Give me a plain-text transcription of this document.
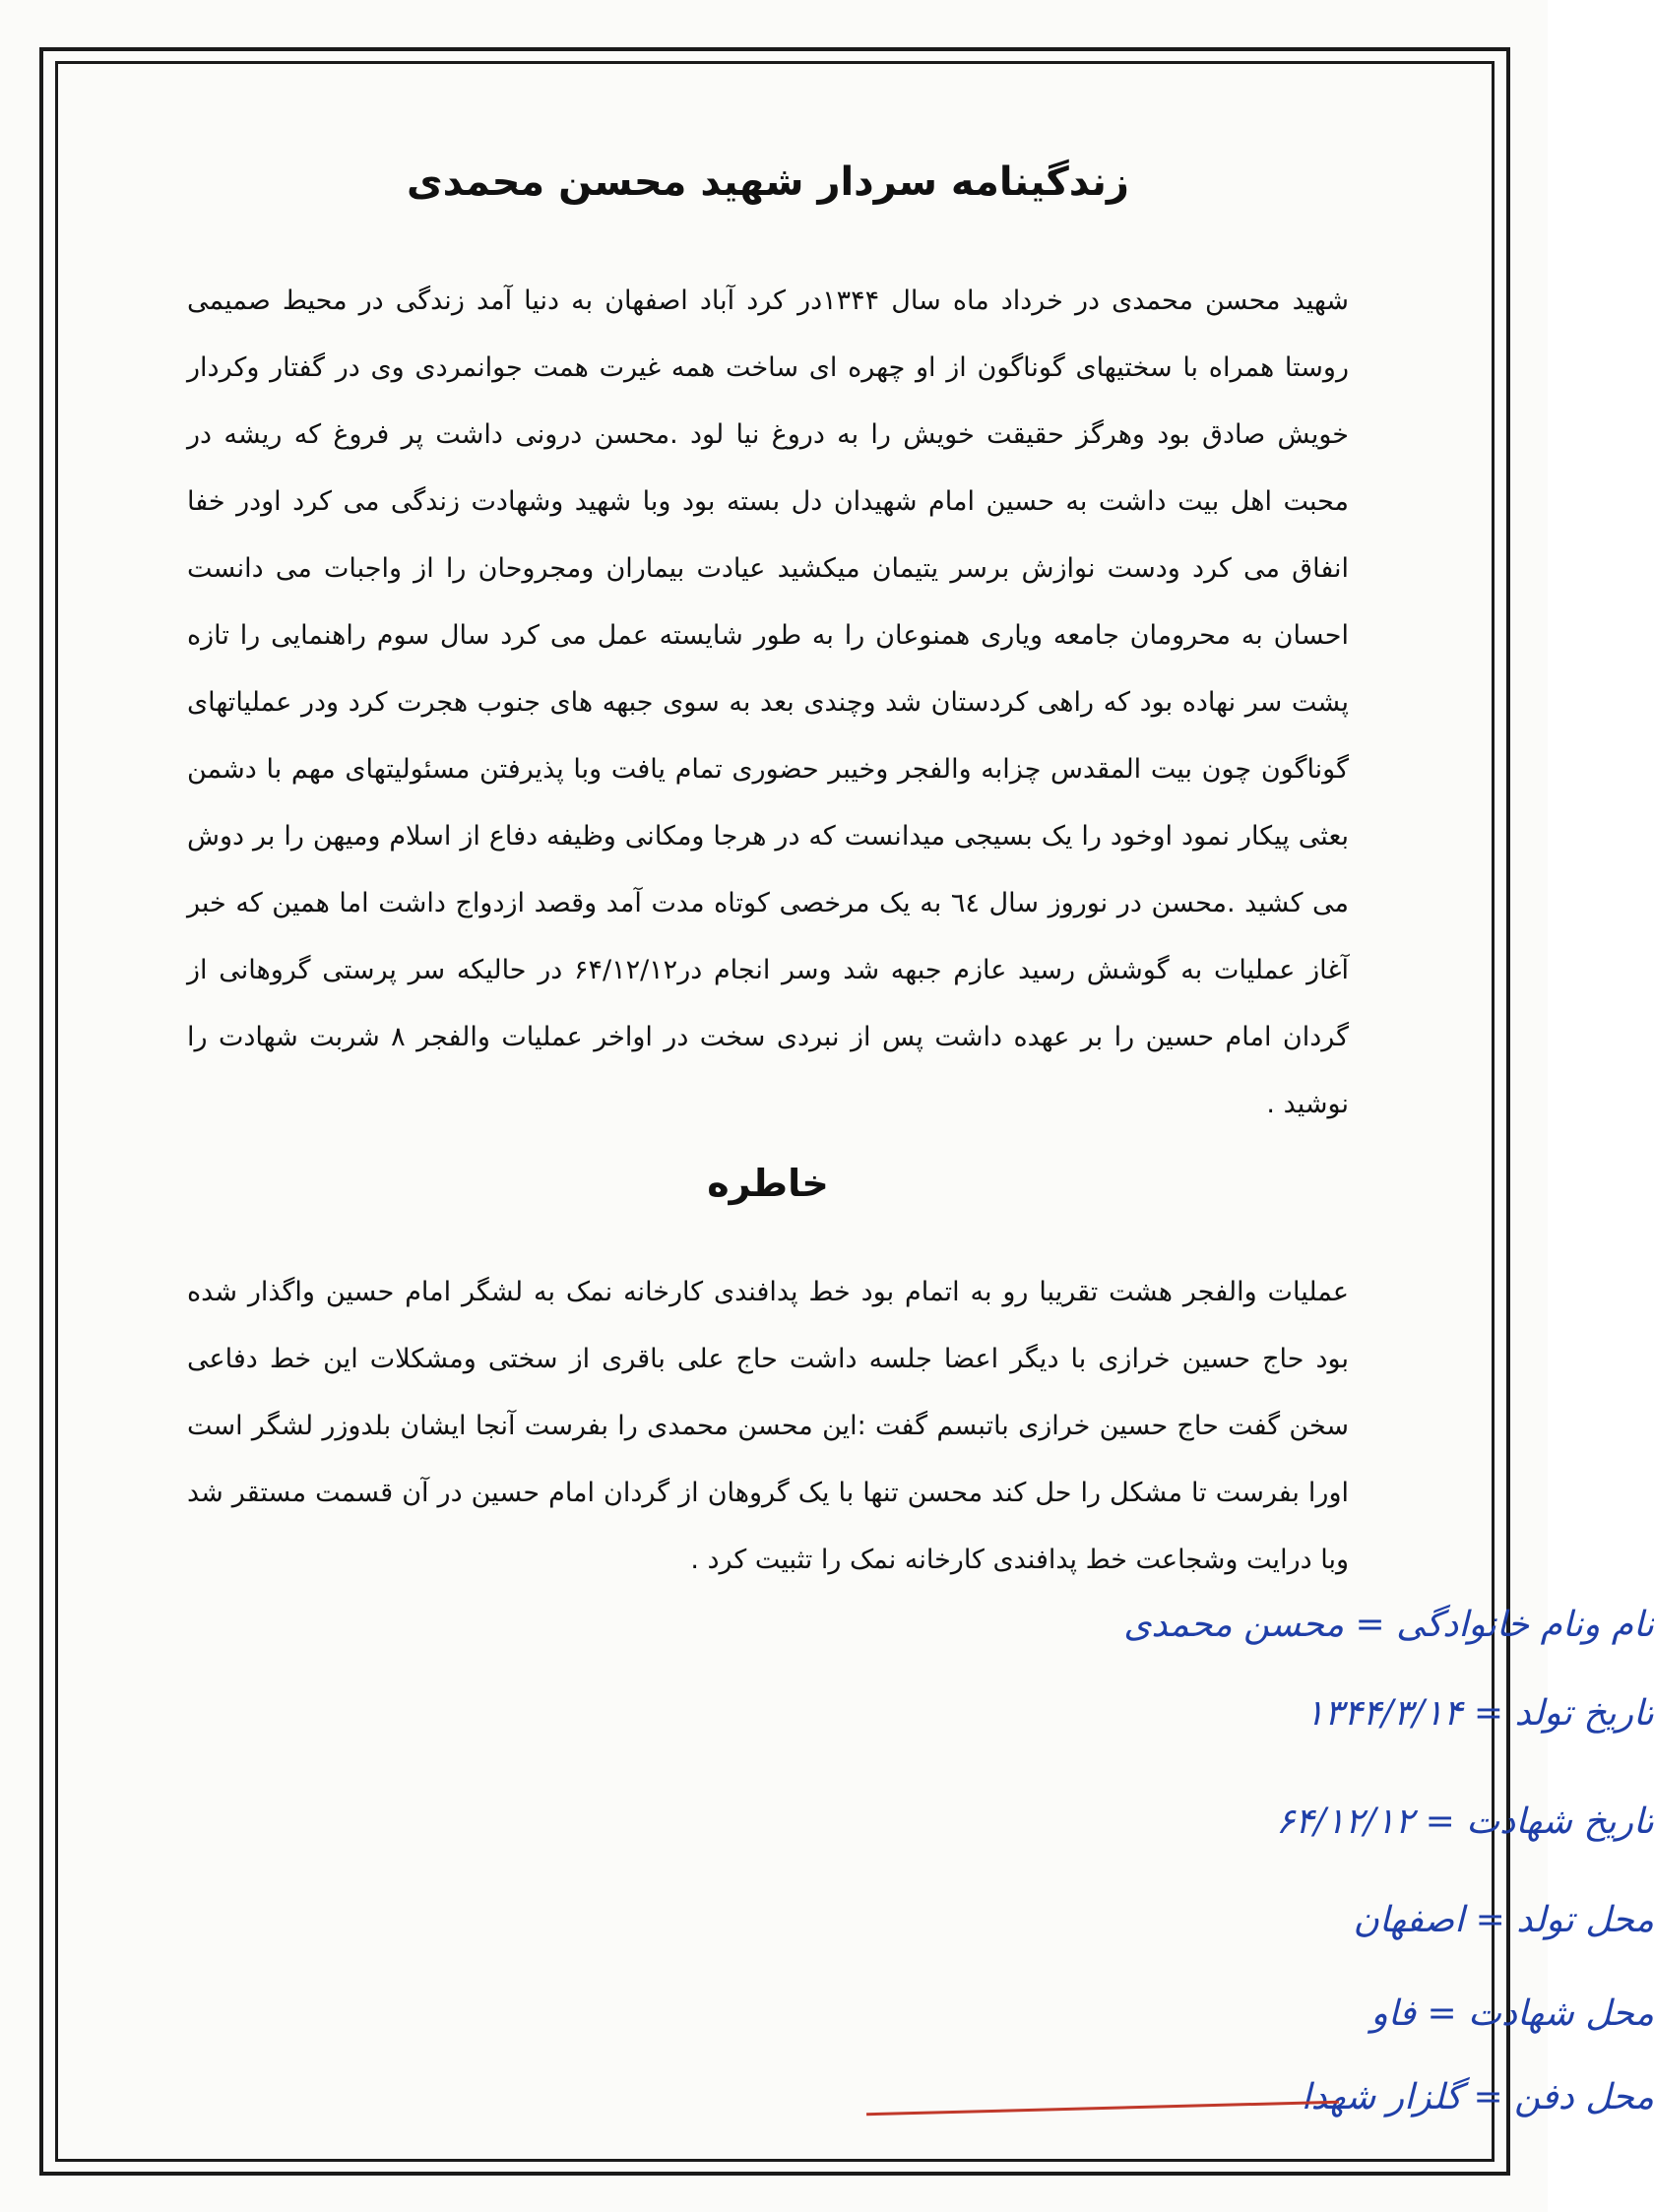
زندگینامه سردار شهید محسن محمدی

شهید محسن محمدی در خرداد ماه سال ۱۳۴۴در کرد آباد اصفهان به دنیا آمد زندگی در محیط صمیمی روستا همراه با سختیهای گوناگون از او چهره ای ساخت همه غیرت همت جوانمردی وی در گفتار وکردار خویش صادق بود وهرگز حقیقت خویش را به دروغ نیا لود .محسن درونی داشت پر فروغ که ریشه در محبت اهل بیت داشت به حسین امام شهیدان دل بسته بود وبا شهید وشهادت زندگی می کرد اودر خفا انفاق می کرد ودست نوازش برسر یتیمان میکشید عیادت بیماران ومجروحان را از واجبات می دانست احسان به محرومان جامعه ویاری همنوعان را به طور شایسته عمل می کرد سال سوم راهنمایی را تازه پشت سر نهاده بود که راهی کردستان شد وچندی بعد به سوی جبهه های جنوب هجرت کرد ودر عملیاتهای گوناگون چون بیت المقدس چزابه والفجر وخیبر حضوری تمام یافت وبا پذیرفتن مسئولیتهای مهم با دشمن بعثی پیکار نمود اوخود را یک بسیجی میدانست که در هرجا ومکانی وظیفه دفاع از اسلام ومیهن را بر دوش می کشید .محسن در نوروز سال ٦٤ به یک مرخصی کوتاه مدت آمد وقصد ازدواج داشت اما همین که خبر آغاز عملیات به گوشش رسید عازم جبهه شد وسر انجام در۶۴/۱۲/۱۲ در حالیکه سر پرستی گروهانی از گردان امام حسین را بر عهده داشت پس از نبردی سخت در اواخر عملیات والفجر ۸ شربت شهادت را نوشید .

خاطره

عملیات والفجر هشت تقریبا رو به اتمام بود خط پدافندی کارخانه نمک به لشگر امام حسین واگذار شده بود حاج حسین خرازی با دیگر اعضا جلسه داشت حاج علی باقری از سختی ومشکلات این خط دفاعی سخن گفت حاج حسین خرازی باتبسم گفت :این محسن محمدی را بفرست آنجا ایشان بلدوزر لشگر است اورا بفرست تا مشکل را حل کند محسن تنها با یک گروهان از گردان امام حسین در آن قسمت مستقر شد وبا درایت وشجاعت خط پدافندی کارخانه نمک را تثبیت کرد .

نام ونام خانوادگی = محسن محمدی
تاریخ تولد = ۱۳۴۴/۳/۱۴
تاریخ شهادت = ۶۴/۱۲/۱۲
محل تولد = اصفهان
محل شهادت = فاو
محل دفن = گلزار شهدا
